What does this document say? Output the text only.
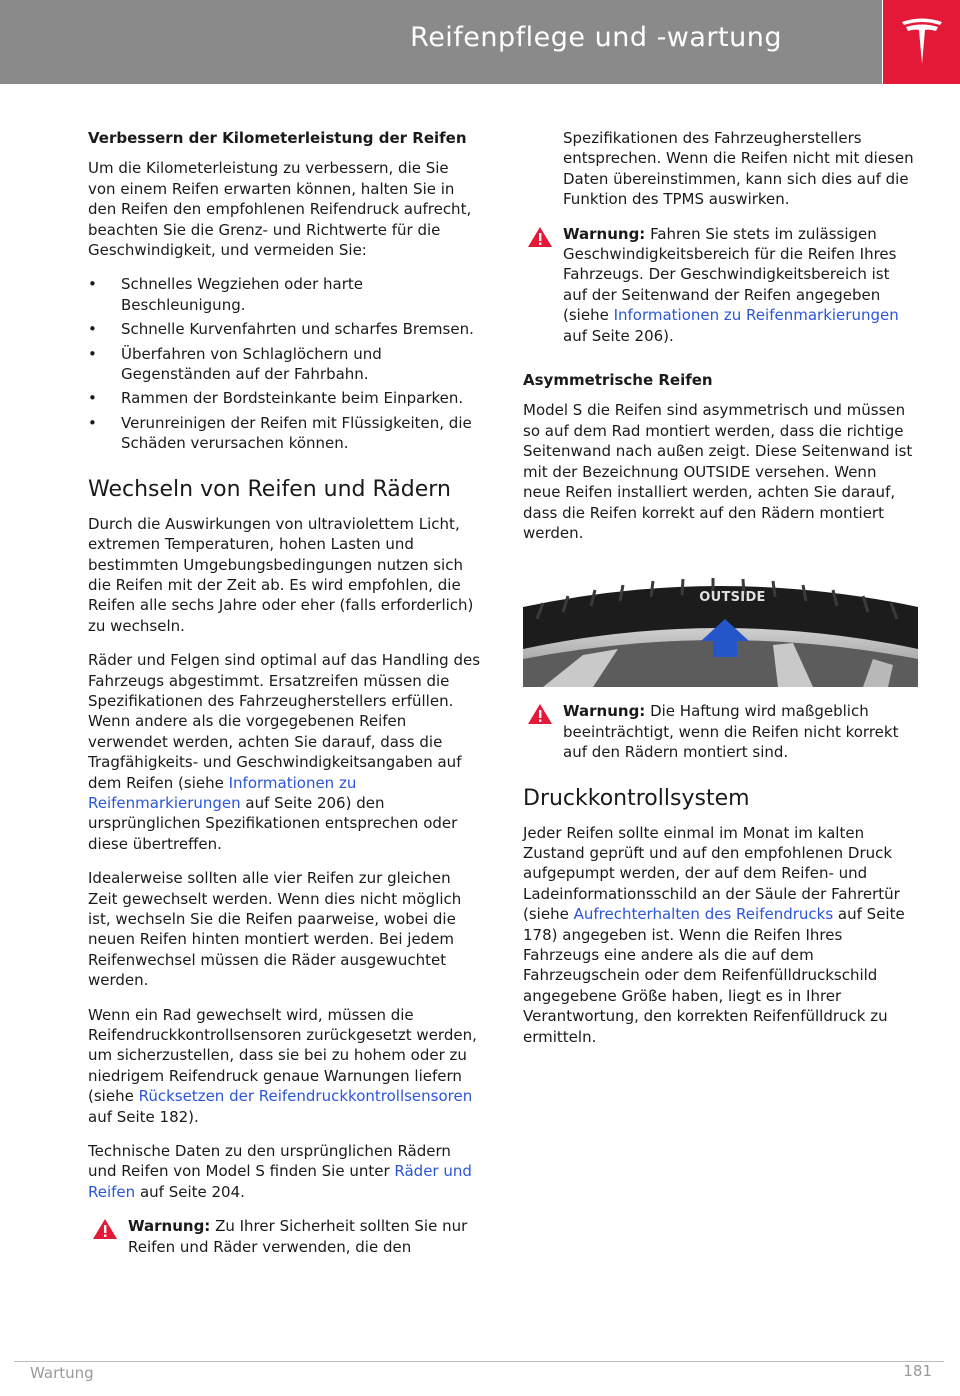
Reifenpflege und -wartung
Verbessern der Kilometerleistung der Reifen

Um die Kilometerleistung zu verbessern, die Sie von einem Reifen erwarten können, halten Sie in den Reifen den empfohlenen Reifendruck aufrecht, beachten Sie die Grenz- und Richtwerte für die Geschwindigkeit, und vermeiden Sie:

• Schnelles Wegziehen oder harte Beschleunigung.
• Schnelle Kurvenfahrten und scharfes Bremsen.
• Überfahren von Schlaglöchern und Gegenständen auf der Fahrbahn.
• Rammen der Bordsteinkante beim Einparken.
• Verunreinigen der Reifen mit Flüssigkeiten, die Schäden verursachen können.
Wechseln von Reifen und Rädern

Durch die Auswirkungen von ultraviolettem Licht, extremen Temperaturen, hohen Lasten und bestimmten Umgebungsbedingungen nutzen sich die Reifen mit der Zeit ab. Es wird empfohlen, die Reifen alle sechs Jahre oder eher (falls erforderlich) zu wechseln.

Räder und Felgen sind optimal auf das Handling des Fahrzeugs abgestimmt. Ersatzreifen müssen die Spezifikationen des Fahrzeugherstellers erfüllen. Wenn andere als die vorgegebenen Reifen verwendet werden, achten Sie darauf, dass die Tragfähigkeits- und Geschwindigkeitsangaben auf dem Reifen (siehe Informationen zu Reifenmarkierungen auf Seite 206) den ursprünglichen Spezifikationen entsprechen oder diese übertreffen.

Idealerweise sollten alle vier Reifen zur gleichen Zeit gewechselt werden. Wenn dies nicht möglich ist, wechseln Sie die Reifen paarweise, wobei die neuen Reifen hinten montiert werden. Bei jedem Reifenwechsel müssen die Räder ausgewuchtet werden.

Wenn ein Rad gewechselt wird, müssen die Reifendruckkontrollsensoren zurückgesetzt werden, um sicherzustellen, dass sie bei zu hohem oder zu niedrigem Reifendruck genaue Warnungen liefern (siehe Rücksetzen der Reifendruckkontrollsensoren auf Seite 182).

Technische Daten zu den ursprünglichen Rädern und Reifen von Model S finden Sie unter Räder und Reifen auf Seite 204.

Warnung: Zu Ihrer Sicherheit sollten Sie nur Reifen und Räder verwenden, die den

Spezifikationen des Fahrzeugherstellers entsprechen. Wenn die Reifen nicht mit diesen Daten übereinstimmen, kann sich dies auf die Funktion des TPMS auswirken.

Warnung: Fahren Sie stets im zulässigen Geschwindigkeitsbereich für die Reifen Ihres Fahrzeugs. Der Geschwindigkeitsbereich ist auf der Seitenwand der Reifen angegeben (siehe Informationen zu Reifenmarkierungen auf Seite 206).
Asymmetrische Reifen

Model S die Reifen sind asymmetrisch und müssen so auf dem Rad montiert werden, dass die richtige Seitenwand nach außen zeigt. Diese Seitenwand ist mit der Bezeichnung OUTSIDE versehen. Wenn neue Reifen installiert werden, achten Sie darauf, dass die Reifen korrekt auf den Rädern montiert werden.

OUTSIDE
Warnung: Die Haftung wird maßgeblich beeinträchtigt, wenn die Reifen nicht korrekt auf den Rädern montiert sind.
Druckkontrollsystem

Jeder Reifen sollte einmal im Monat im kalten Zustand geprüft und auf den empfohlenen Druck aufgepumpt werden, der auf dem Reifen- und Ladeinformationsschild an der Säule der Fahrertür (siehe Aufrechterhalten des Reifendrucks auf Seite 178) angegeben ist. Wenn die Reifen Ihres Fahrzeugs eine andere als die auf dem Fahrzeugschein oder dem Reifenfülldruckschild angegebene Größe haben, liegt es in Ihrer Verantwortung, den korrekten Reifenfülldruck zu ermitteln.

Wartung	181
